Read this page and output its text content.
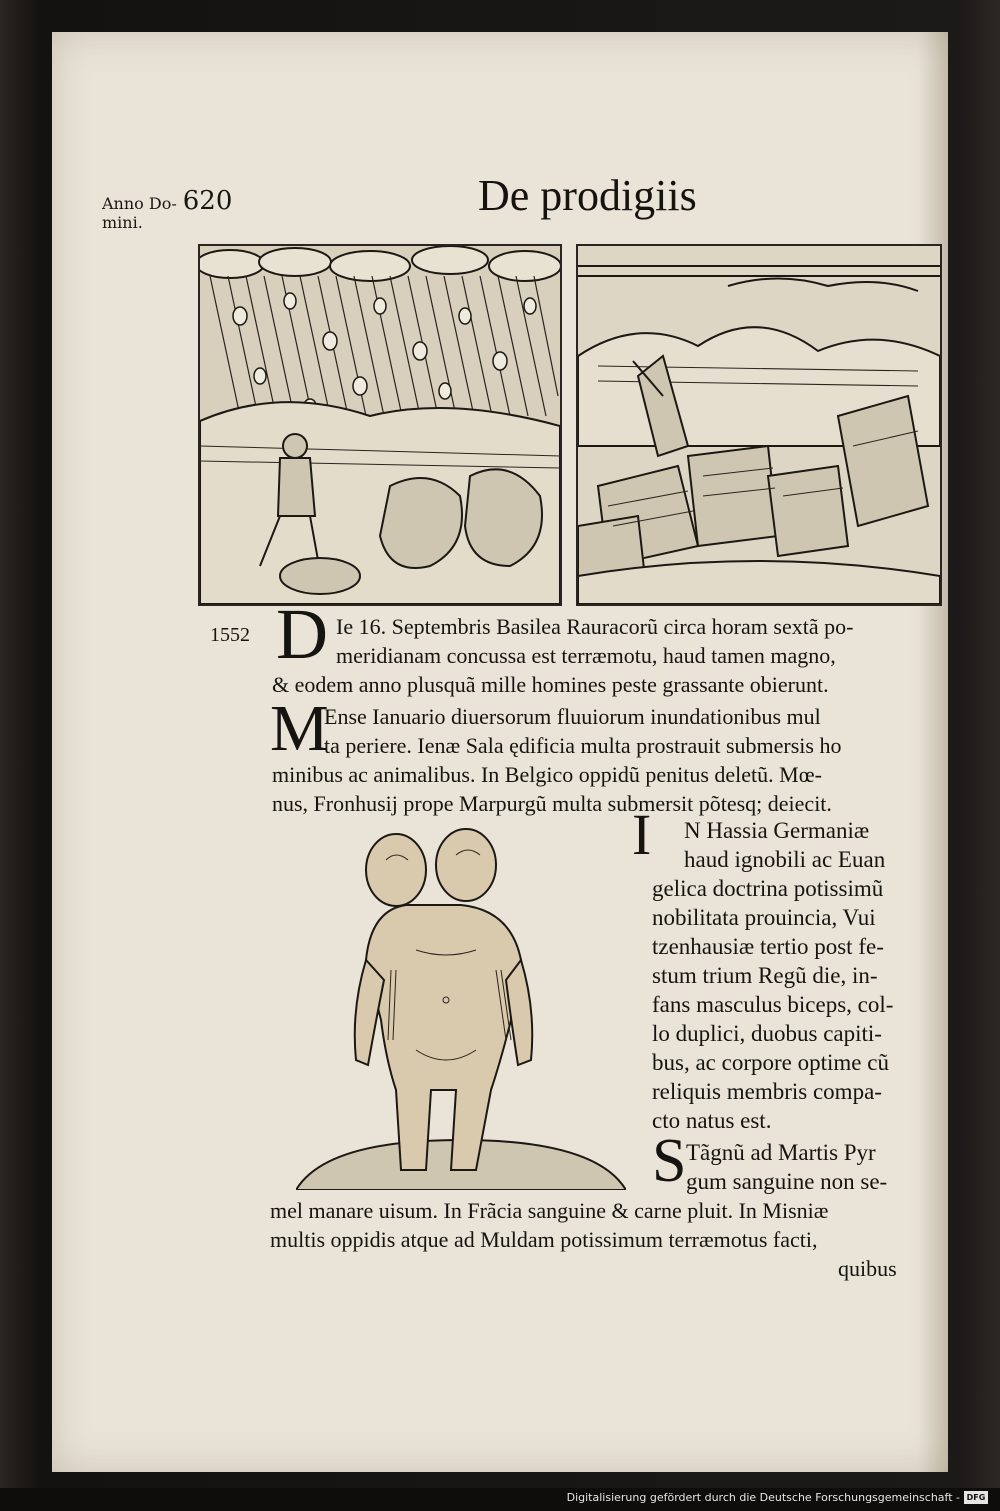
Anno Do- 620
mini.
De prodigiis
1552 D Ie 16. Septembris Basilea Rauracorũ circa horam sextã po-
meridianam concussa est terræmotu, haud tamen magno,
& eodem anno plusquã mille homines peste grassante obierunt.
M
Ense Ianuario diuersorum fluuiorum inundationibus mul
ta periere. Ienæ Sala ędificia multa prostrauit submersis ho
minibus ac animalibus. In Belgico oppidũ penitus deletũ. Mœ-
nus, Fronhusij prope Marpurgũ multa submersit põtesq; deiecit.
I N Hassia Germaniæ
haud ignobili ac Euan
gelica doctrina potissimũ
nobilitata prouincia, Vui
tzenhausiæ tertio post fe-
stum trium Regũ die, in-
fans masculus biceps, col-
lo duplici, duobus capiti-
bus, ac corpore optime cũ
reliquis membris compa-
cto natus est.
S Tãgnũ ad Martis Pyr
gum sanguine non se-
mel manare uisum. In Frãcia sanguine & carne pluit. In Misniæ
multis oppidis atque ad Muldam potissimum terræmotus facti,
quibus
Digitalisierung gefördert durch die Deutsche Forschungsgemeinschaft - DFG
